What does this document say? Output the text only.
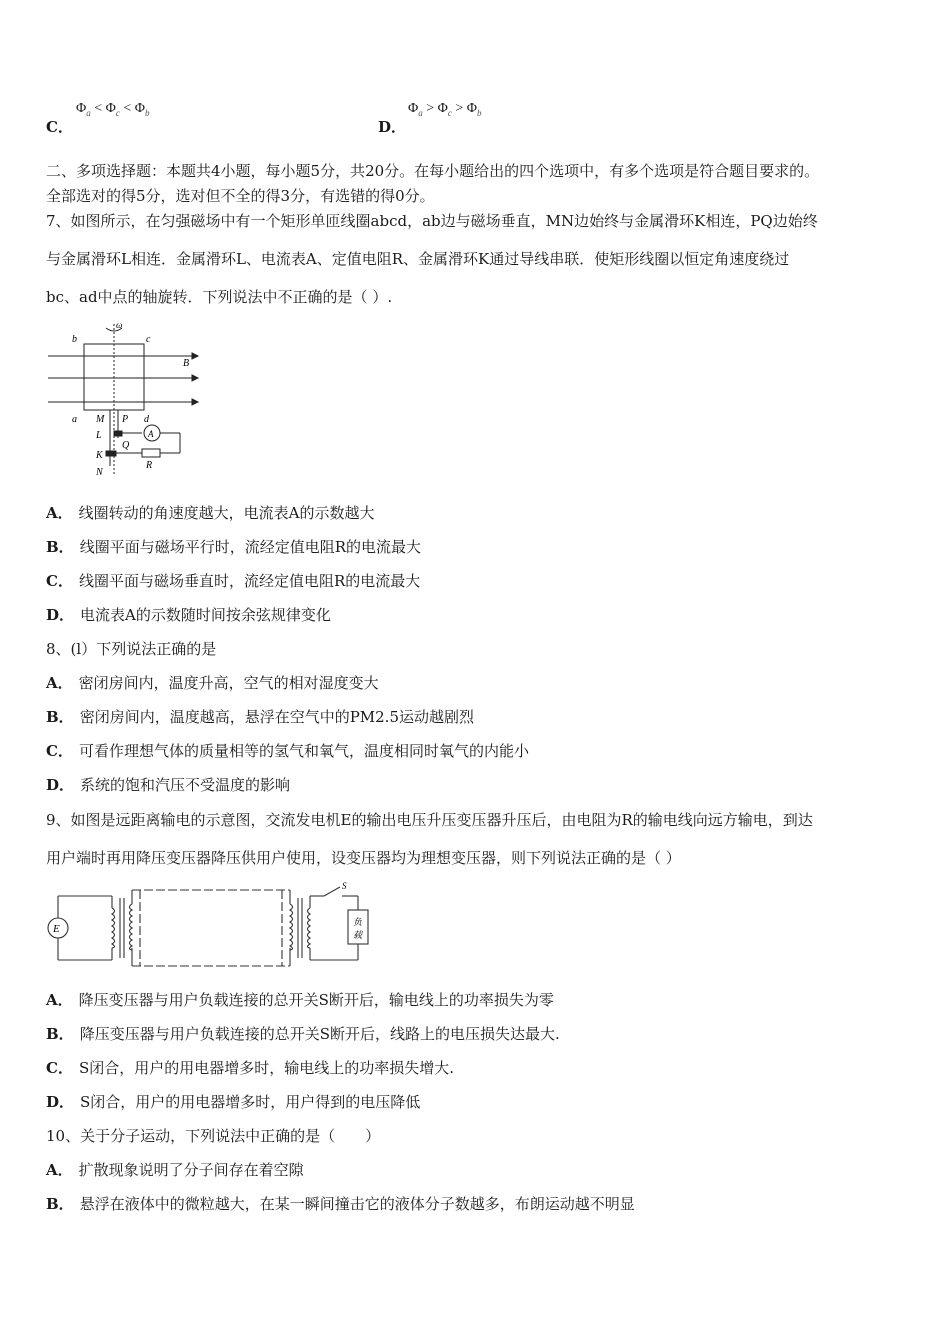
C．
$\Phi_a < \Phi_c < \Phi_b$
D．
$\Phi_a > \Phi_c > \Phi_b$
二、多项选择题：本题共4小题，每小题5分，共20分。在每小题给出的四个选项中，有多个选项是符合题目要求的。
全部选对的得5分，选对但不全的得3分，有选错的得0分。
7、如图所示，在匀强磁场中有一个矩形单匝线圈abcd，ab边与磁场垂直，MN边始终与金属滑环K相连，PQ边始终
与金属滑环L相连．金属滑环L、电流表A、定值电阻R、金属滑环K通过导线串联．使矩形线圈以恒定角速度绕过
bc、ad中点的轴旋转．下列说法中不正确的是（ ）.
ω
b	c
B
a M P d
L	A
Q
K
R
N
A． 线圈转动的角速度越大，电流表A的示数越大
B． 线圈平面与磁场平行时，流经定值电阻R的电流最大
C． 线圈平面与磁场垂直时，流经定值电阻R的电流最大
D． 电流表A的示数随时间按余弦规律变化
8、(l）下列说法正确的是
A． 密闭房间内，温度升高，空气的相对湿度变大
B． 密闭房间内，温度越高，悬浮在空气中的PM2.5运动越剧烈
C． 可看作理想气体的质量相等的氢气和氧气，温度相同时氧气的内能小
D． 系统的饱和汽压不受温度的影响
9、如图是远距离输电的示意图，交流发电机E的输出电压升压变压器升压后，由电阻为R的输电线向远方输电，到达
用户端时再用降压变压器降压供用户使用，设变压器均为理想变压器，则下列说法正确的是（ ）
E
S
负
载
A． 降压变压器与用户负载连接的总开关S断开后，输电线上的功率损失为零
B． 降压变压器与用户负载连接的总开关S断开后，线路上的电压损失达最大.
C． S闭合，用户的用电器增多时，输电线上的功率损失增大.
D． S闭合，用户的用电器增多时，用户得到的电压降低
10、关于分子运动，下列说法中正确的是（　　）
A． 扩散现象说明了分子间存在着空隙
B． 悬浮在液体中的微粒越大，在某一瞬间撞击它的液体分子数越多，布朗运动越不明显
